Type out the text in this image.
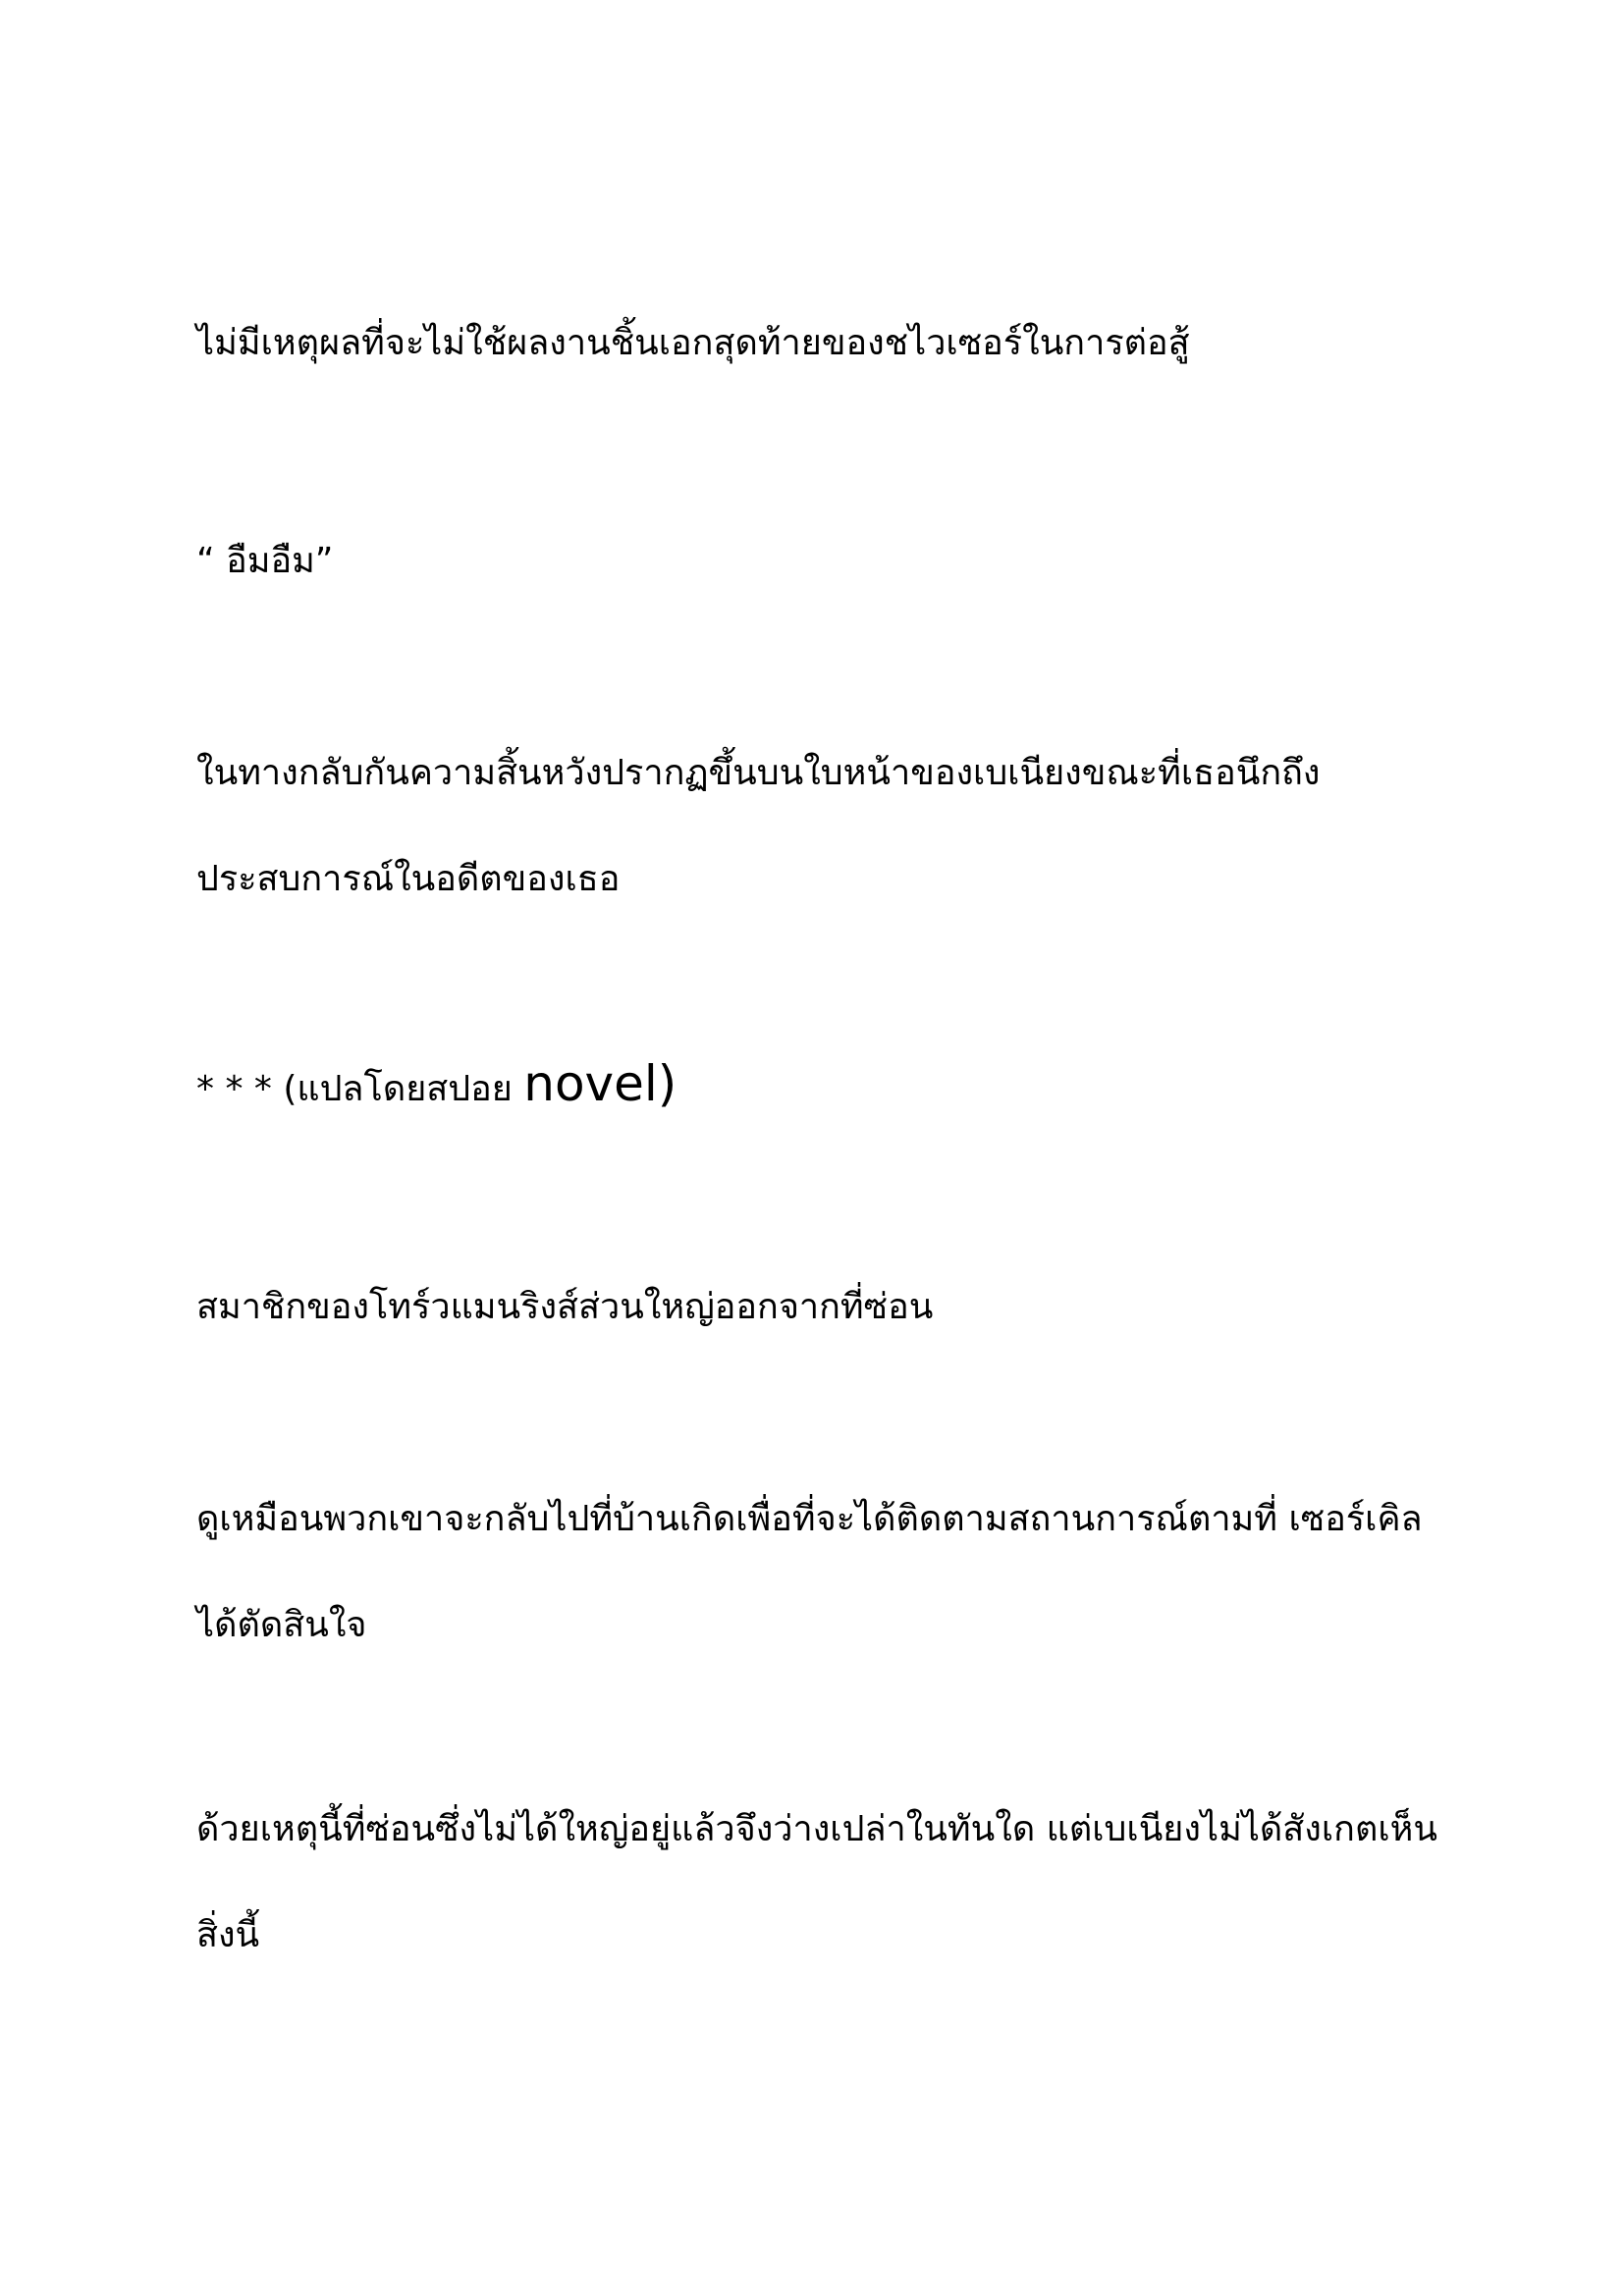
ไม่มีเหตุผลที่จะไม่ใช้ผลงานชิ้นเอกสุดท้ายของชไวเซอร์ในการต่อสู้

“ อืมอืม”

ในทางกลับกันความสิ้นหวังปรากฏขึ้นบนใบหน้าของเบเนียงขณะที่เธอนึกถึง
ประสบการณ์ในอดีตของเธอ

* * * (แปลโดยสปอย novel)

สมาชิกของโทร์วแมนริงส์ส่วนใหญ่ออกจากที่ซ่อน

ดูเหมือนพวกเขาจะกลับไปที่บ้านเกิดเพื่อที่จะได้ติดตามสถานการณ์ตามที่ เซอร์เคิล
ได้ตัดสินใจ

ด้วยเหตุนี้ที่ซ่อนซึ่งไม่ได้ใหญ่อยู่แล้วจึงว่างเปล่าในทันใด แต่เบเนียงไม่ได้สังเกตเห็น
สิ่งนี้
